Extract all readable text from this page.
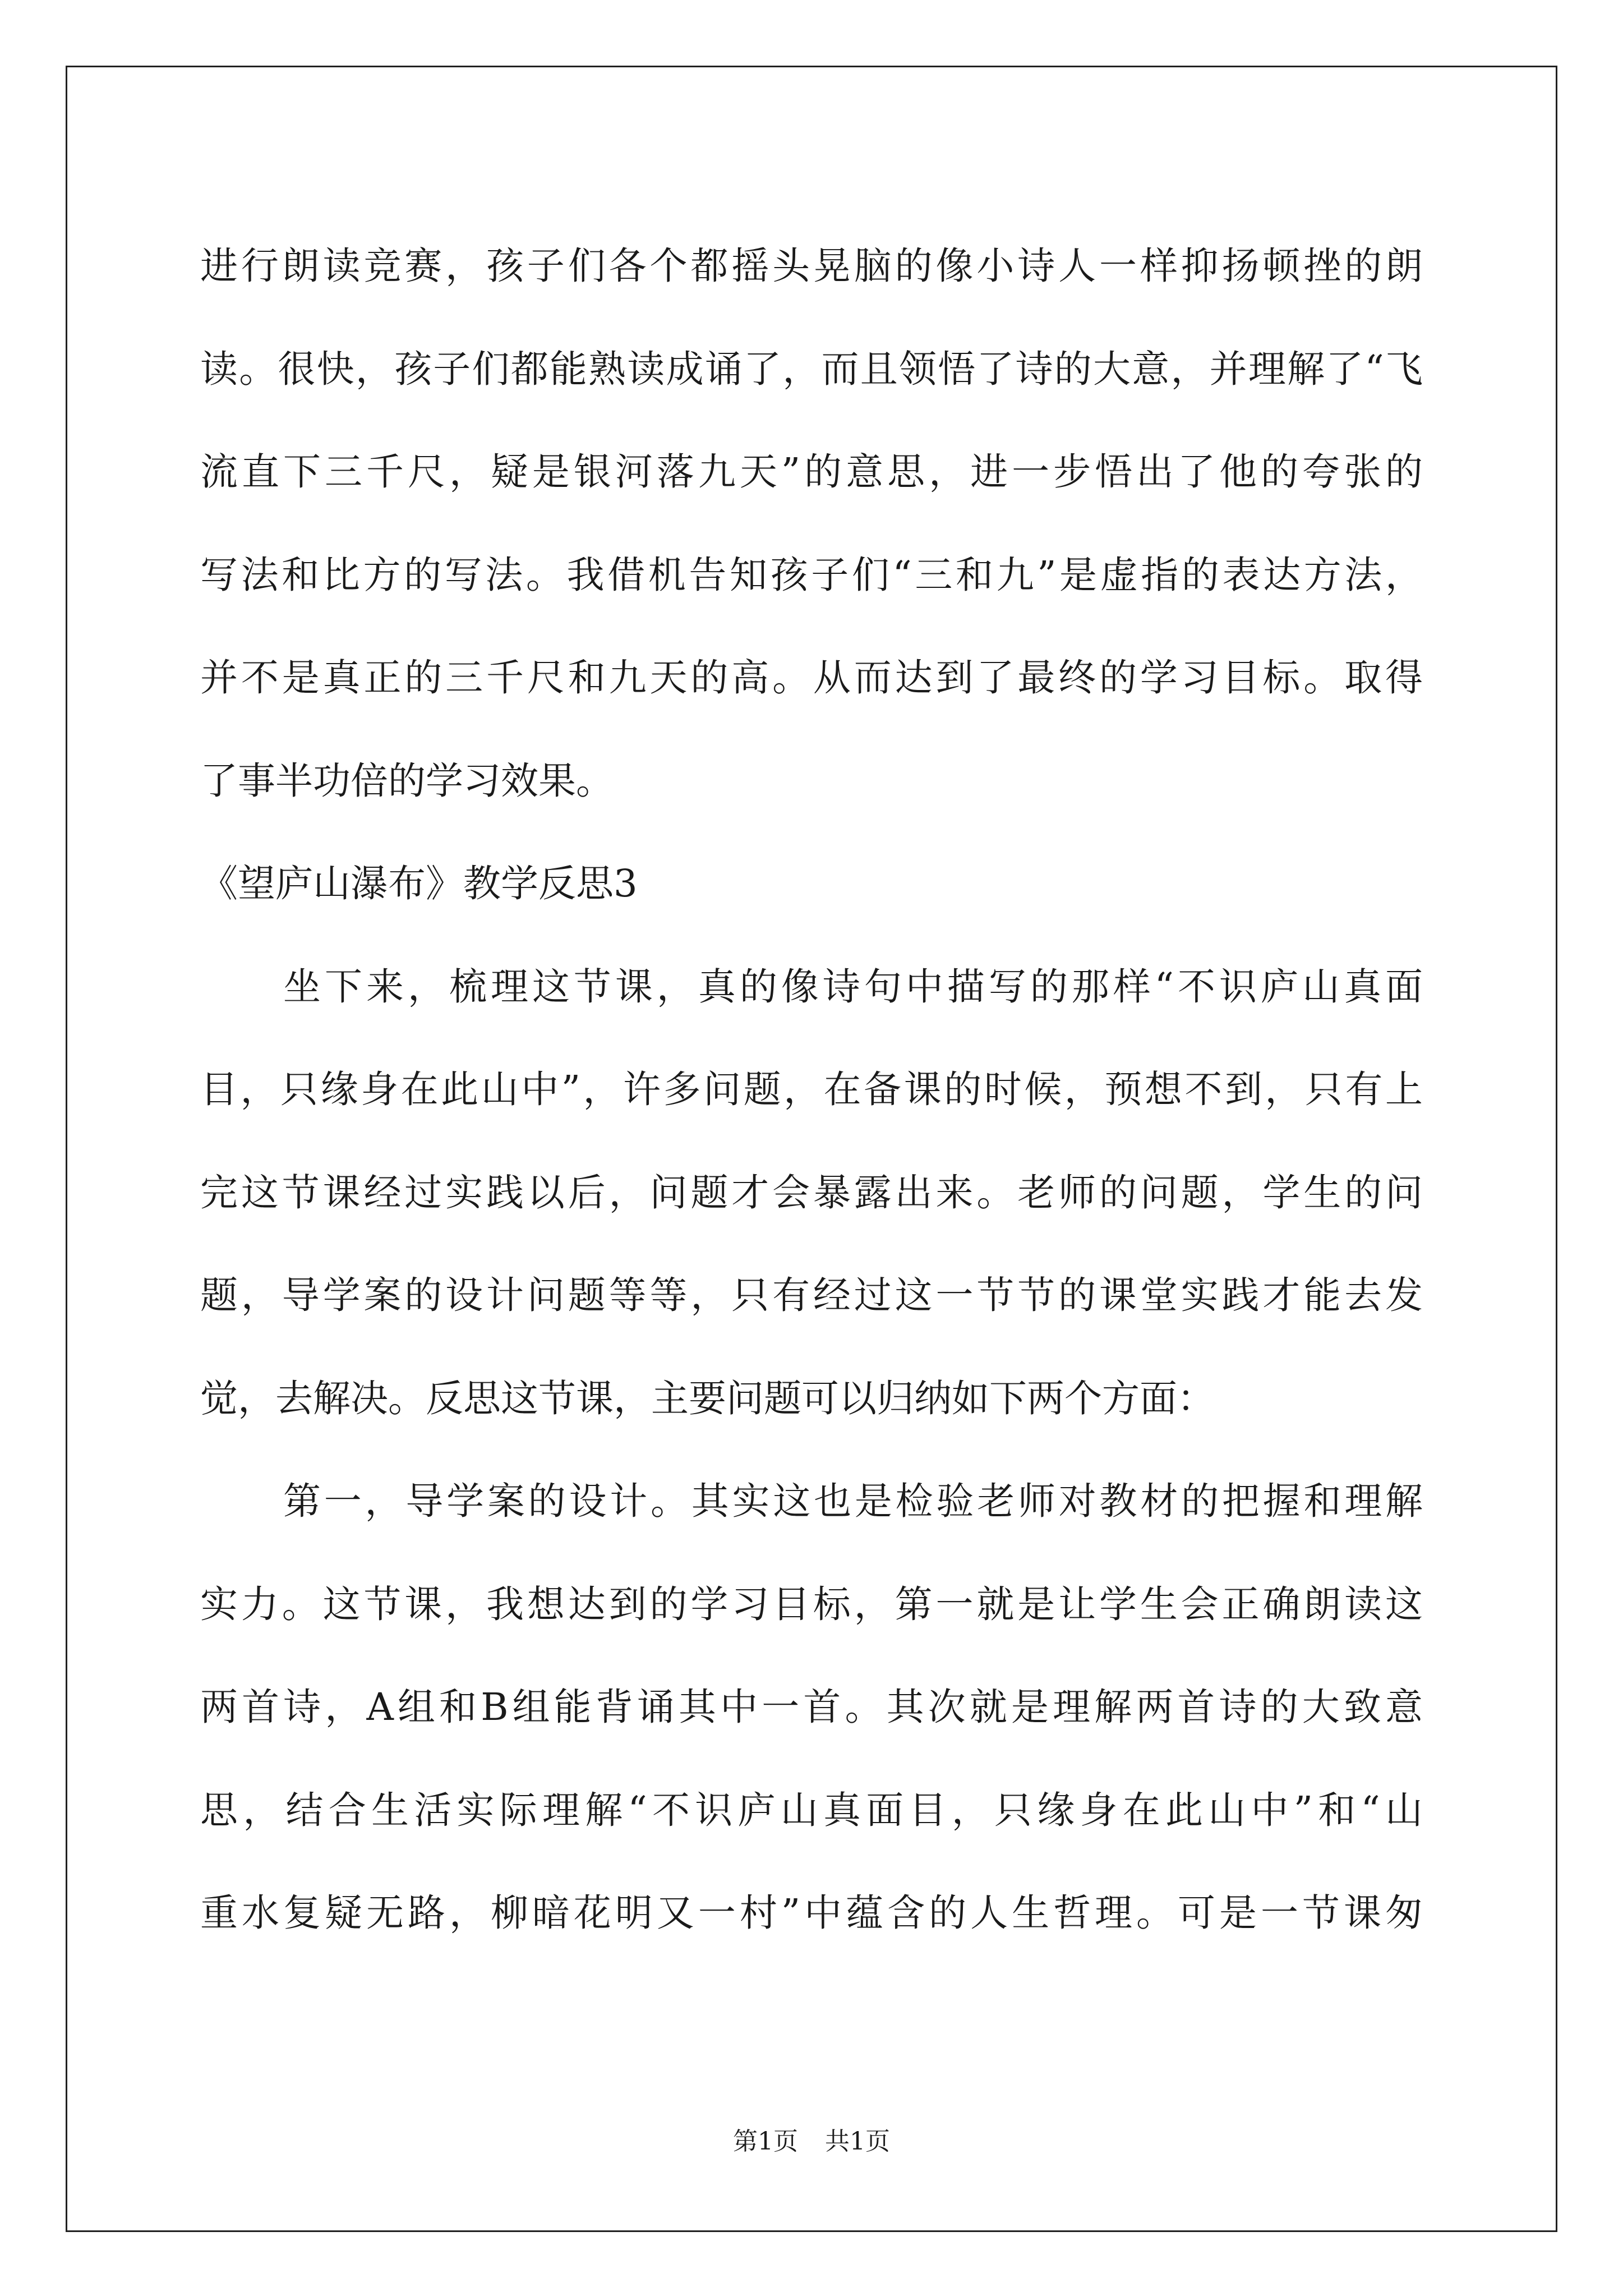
进行朗读竞赛，孩子们各个都摇头晃脑的像小诗人一样抑扬顿挫的朗
读。很快，孩子们都能熟读成诵了，而且领悟了诗的大意，并理解了“飞
流直下三千尺，疑是银河落九天”的意思，进一步悟出了他的夸张的
写法和比方的写法。我借机告知孩子们“三和九”是虚指的表达方法，
并不是真正的三千尺和九天的高。从而达到了最终的学习目标。取得
了事半功倍的学习效果。
《望庐山瀑布》教学反思3
坐下来，梳理这节课，真的像诗句中描写的那样“不识庐山真面
目，只缘身在此山中”，许多问题，在备课的时候，预想不到，只有上
完这节课经过实践以后，问题才会暴露出来。老师的问题，学生的问
题，导学案的设计问题等等，只有经过这一节节的课堂实践才能去发
觉，去解决。反思这节课，主要问题可以归纳如下两个方面：
第一，导学案的设计。其实这也是检验老师对教材的把握和理解
实力。这节课，我想达到的学习目标，第一就是让学生会正确朗读这
两首诗，A组和B组能背诵其中一首。其次就是理解两首诗的大致意
思，结合生活实际理解“不识庐山真面目，只缘身在此山中”和“山
重水复疑无路，柳暗花明又一村”中蕴含的人生哲理。可是一节课匆
第1页 共1页
